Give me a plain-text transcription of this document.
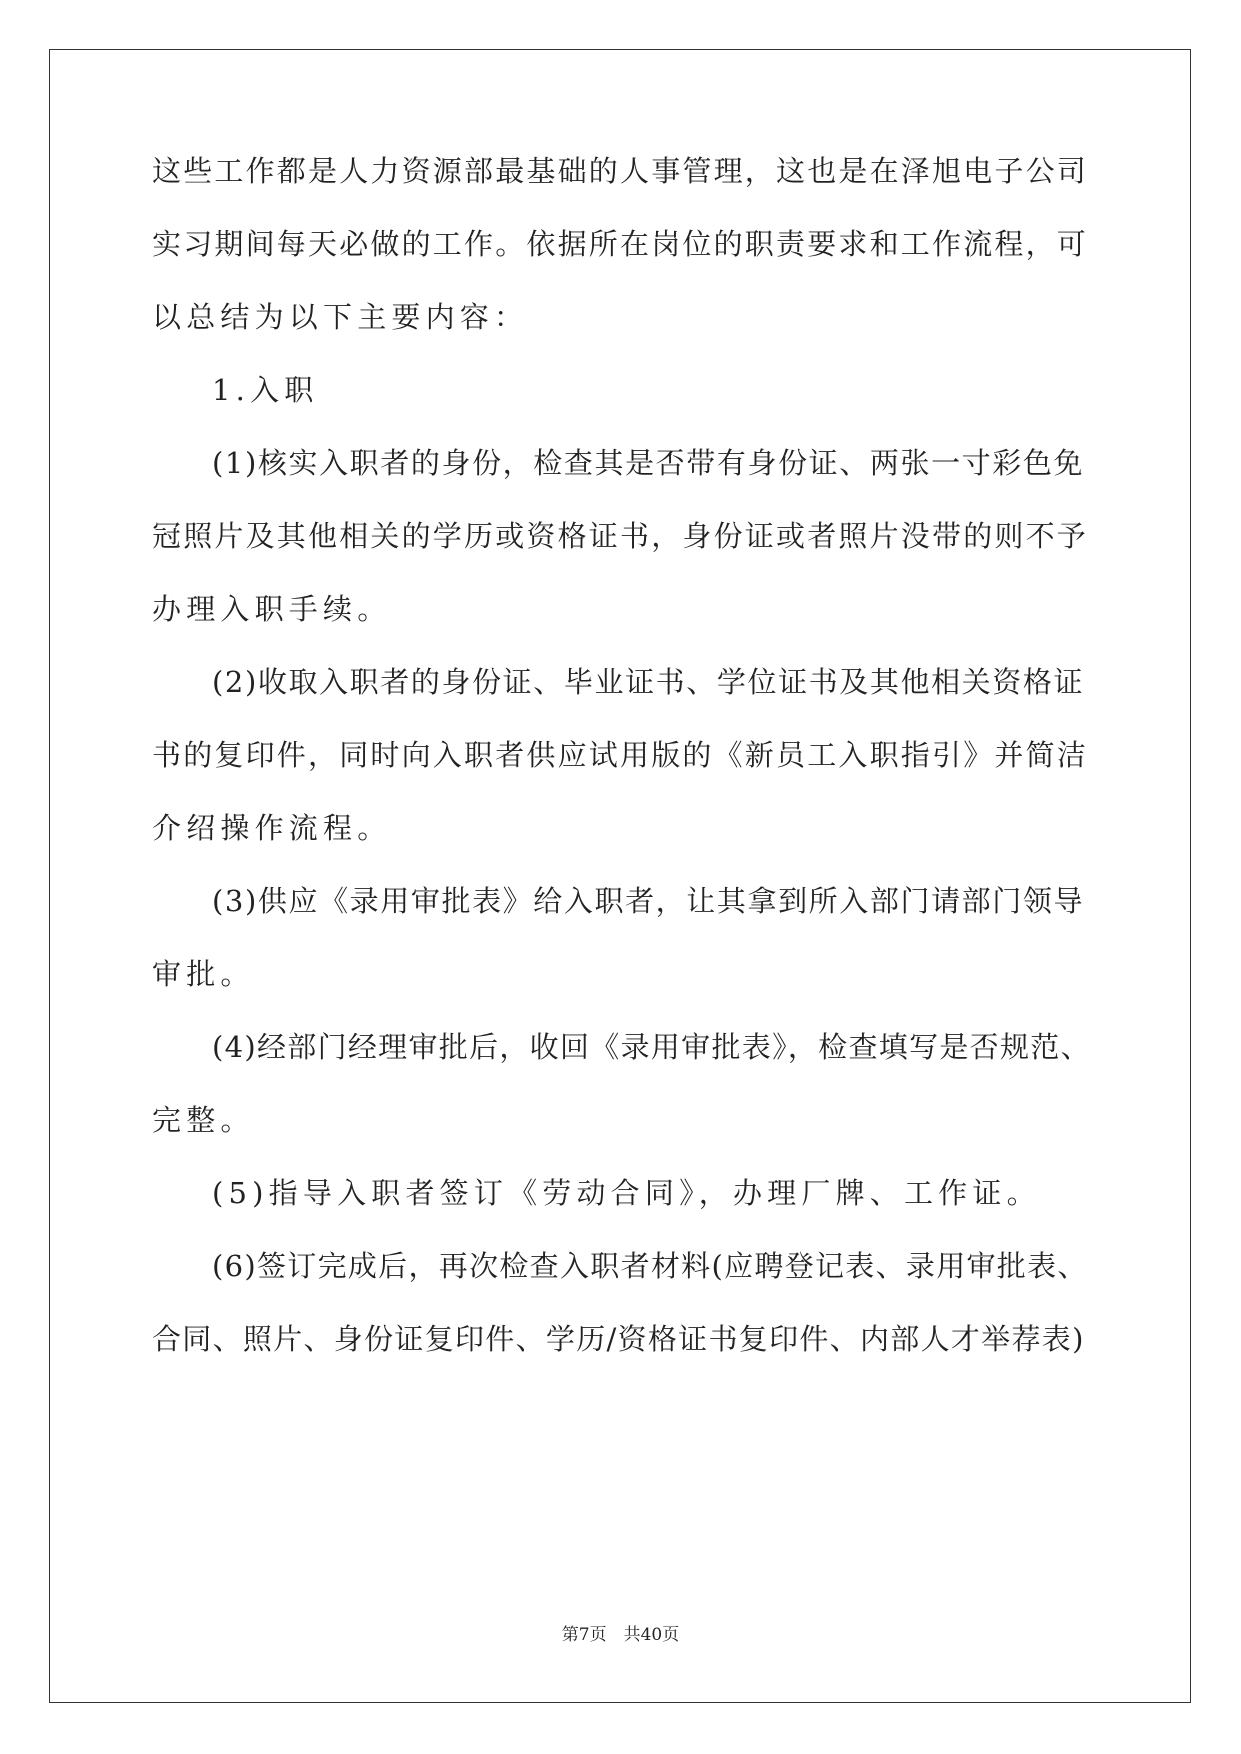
这些工作都是人力资源部最基础的人事管理，这也是在泽旭电子公司

实习期间每天必做的工作。依据所在岗位的职责要求和工作流程，可

以总结为以下主要内容：

1.入职

(1)核实入职者的身份，检查其是否带有身份证、两张一寸彩色免

冠照片及其他相关的学历或资格证书，身份证或者照片没带的则不予

办理入职手续。

(2)收取入职者的身份证、毕业证书、学位证书及其他相关资格证

书的复印件，同时向入职者供应试用版的《新员工入职指引》并简洁

介绍操作流程。

(3)供应《录用审批表》给入职者，让其拿到所入部门请部门领导

审批。

(4)经部门经理审批后，收回《录用审批表》，检查填写是否规范、

完整。

(5)指导入职者签订《劳动合同》，办理厂牌、工作证。

(6)签订完成后，再次检查入职者材料(应聘登记表、录用审批表、

合同、照片、身份证复印件、学历/资格证书复印件、内部人才举荐表)

第7页　共40页
